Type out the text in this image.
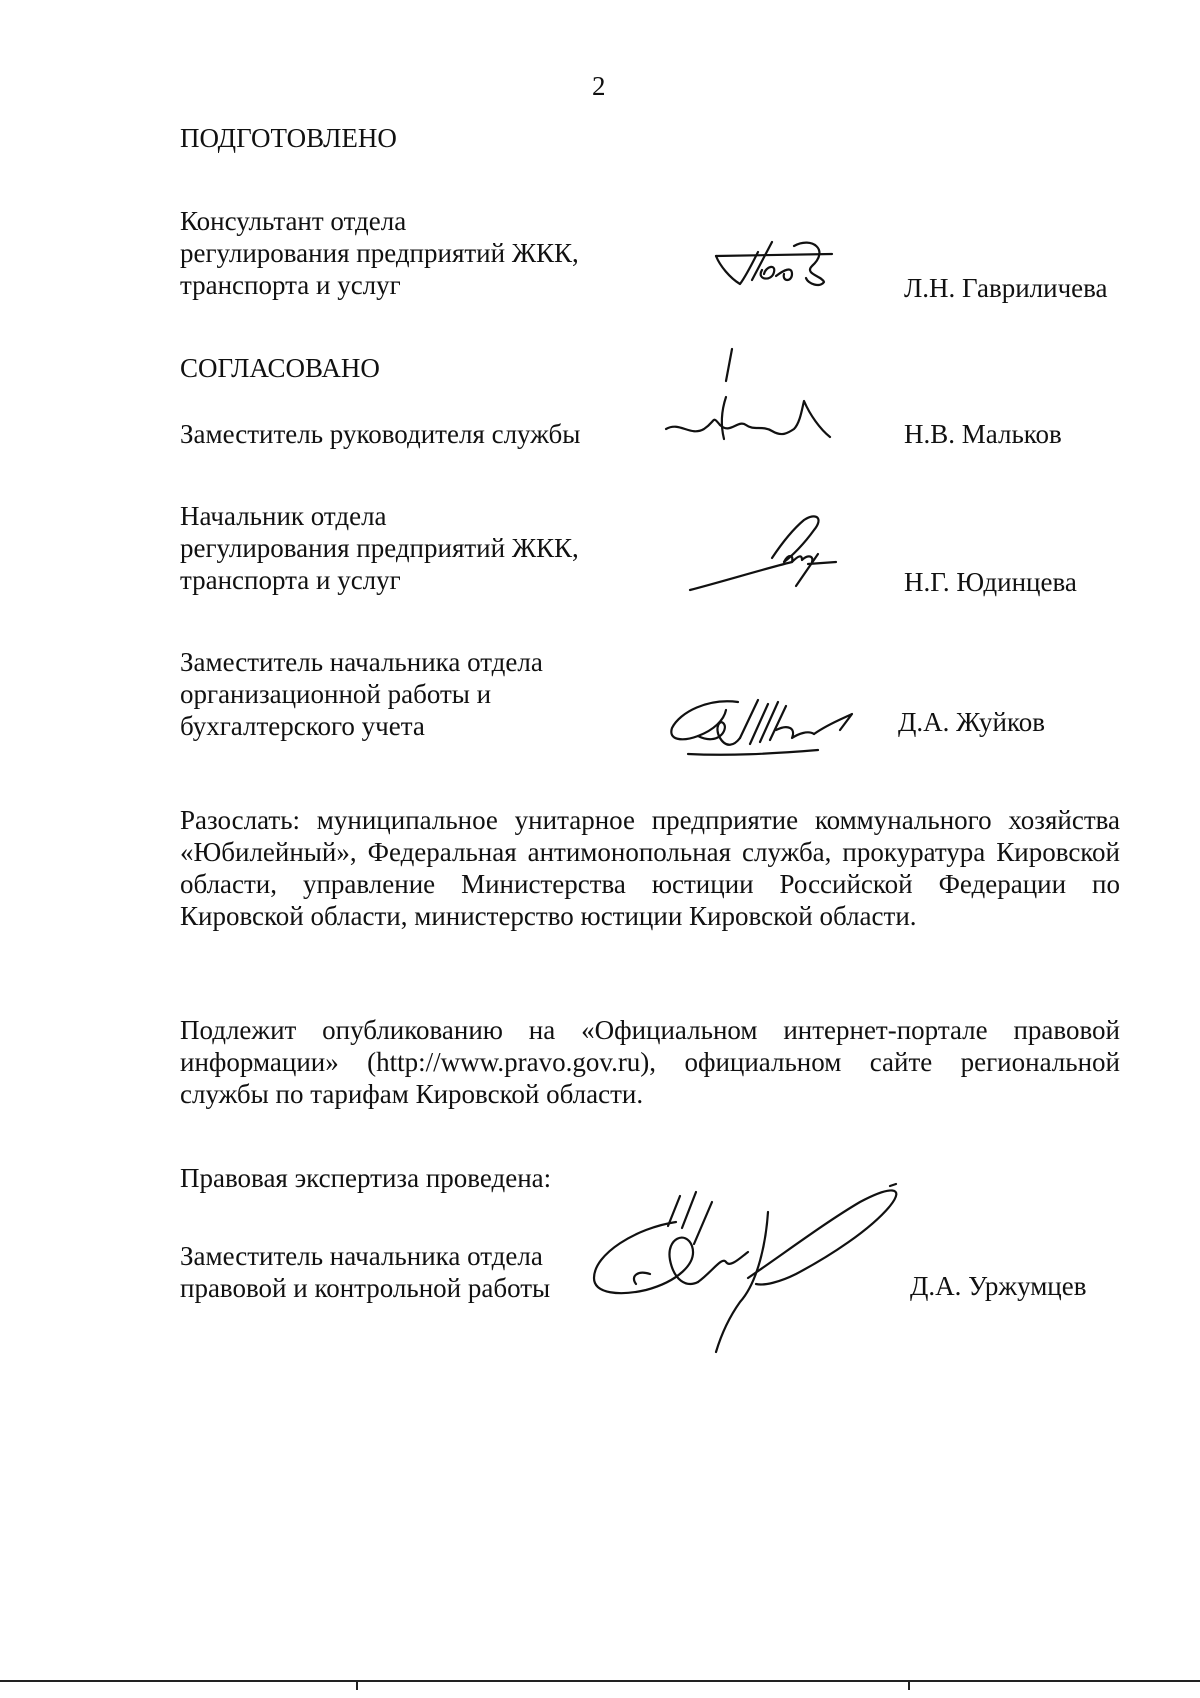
2
ПОДГОТОВЛЕНО
Консультант отдела
регулирования предприятий ЖКК,
транспорта и услуг	Л.Н. Гавриличева
СОГЛАСОВАНО
Заместитель руководителя службы	Н.В. Мальков
Начальник отдела
регулирования предприятий ЖКК,
транспорта и услуг	Н.Г. Юдинцева
Заместитель начальника отдела
организационной работы и
бухгалтерского учета	Д.А. Жуйков
Разослать: муниципальное унитарное предприятие коммунального хозяйства «Юбилейный», Федеральная антимонопольная служба, прокуратура Кировской области, управление Министерства юстиции Российской Федерации по Кировской области, министерство юстиции Кировской области.
Подлежит опубликованию на «Официальном интернет-портале правовой информации» (http://www.pravo.gov.ru), официальном сайте региональной службы по тарифам Кировской области.
Правовая экспертиза проведена:
Заместитель начальника отдела
правовой и контрольной работы	Д.А. Уржумцев
